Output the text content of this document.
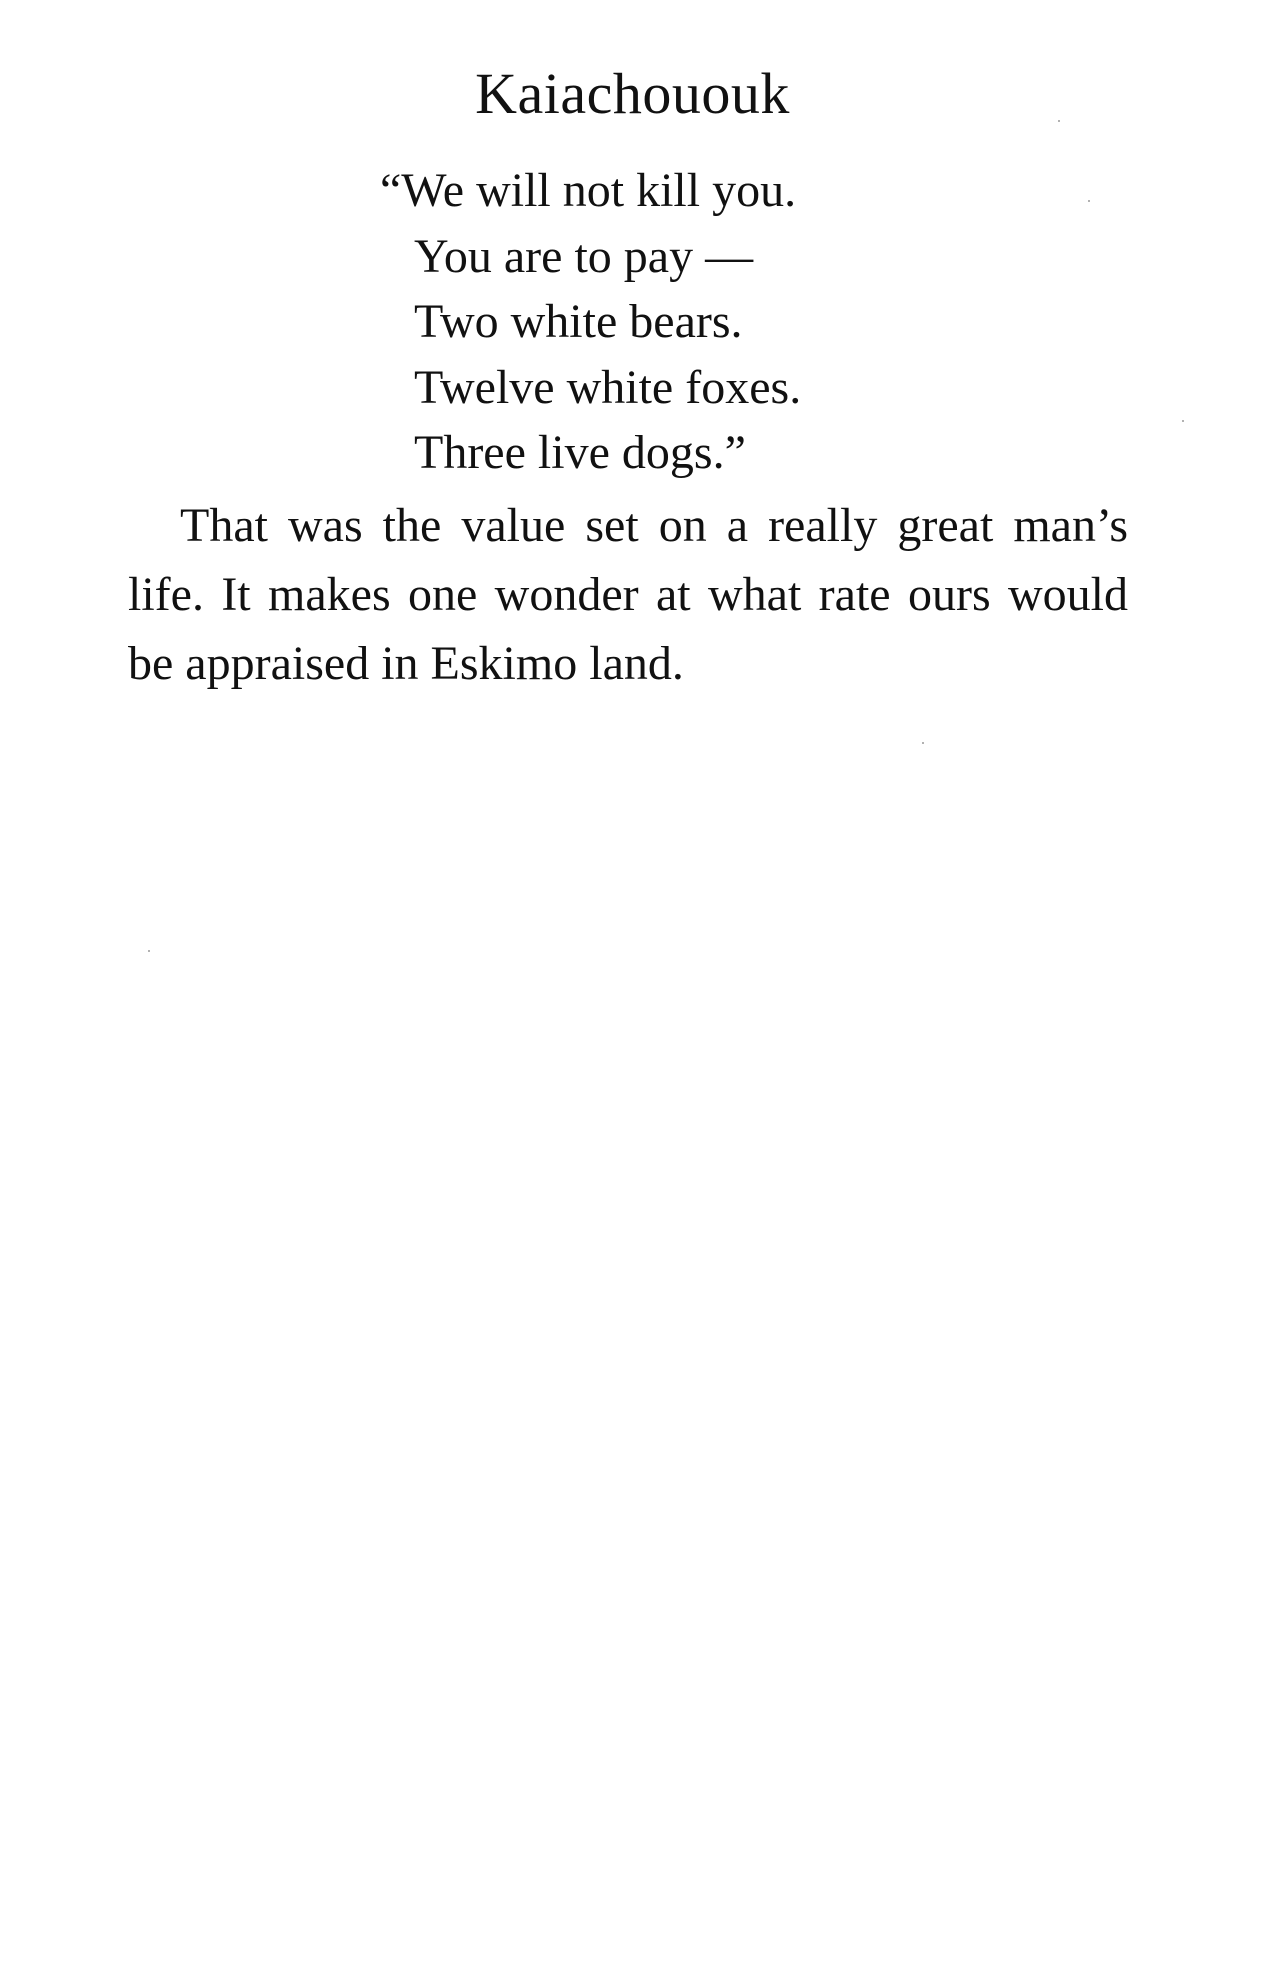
Kaiachououk
“We will not kill you.
You are to pay —
Two white bears.
Twelve white foxes.
Three live dogs.”

That was the value set on a really great man’s life. It makes one wonder at what rate ours would be appraised in Eskimo land.
